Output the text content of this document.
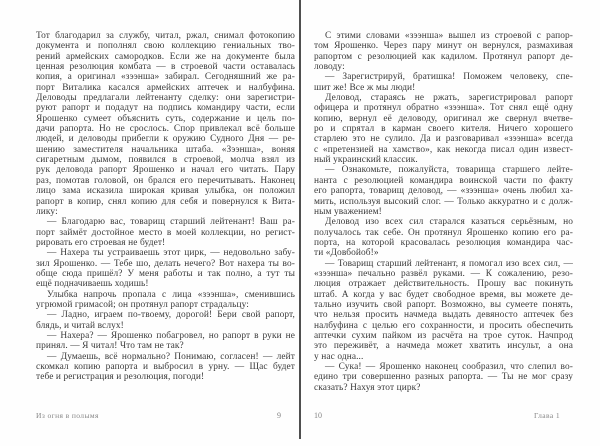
Тот благодарил за службу, читал, ржал, снимал фотокопию
документа и пополнял свою коллекцию гениальных тво-
рений армейских самородков. Если же на документе была
ценная резолюция комбата — в строевой части оставалась
копия, а оригинал «зээнша» забирал. Сегодняшний же ра-
порт Виталика касался армейских аптечек и налбуфина.
Деловоды предлагали лейтенанту сделку: они зарегистри-
руют рапорт и подадут на подпись командиру части, если
Ярошенко сумеет объяснить суть, содержание и цель по-
дачи рапорта. Но не срослось. Спор привлекал всё больше
людей, и деловоды прибегли к оружию Судного Дня — ре-
шению заместителя начальника штаба. «Зээнша», воняя
сигаретным дымом, появился в строевой, молча взял из
рук деловода рапорт Ярошенко и начал его читать. Пару
раз, помотав головой, он брался его перечитывать. Наконец
лицо зама исказила широкая кривая улыбка, он положил
рапорт в копир, снял копию для себя и повернулся к Вита-
лику:
— Благодарю вас, товарищ старший лейтенант! Ваш ра-
порт займёт достойное место в моей коллекции, но регист-
рировать его строевая не будет!
— Нахера ты устраиваешь этот цирк, — недовольно забу-
зил Ярошенко. — Тебе шо, делать нечего? Вот нахера ты во-
обще сюда пришёл? У меня работы и так полно, а тут ты
ещё подначиваешь ходишь!
Улыбка напрочь пропала с лица «зээнша», сменившись
угрюмой гримасой; он протянул рапорт страдальцу:
— Ладно, играем по-твоему, дорогой! Бери свой рапорт,
блядь, и читай вслух!
— Нахера? — Ярошенко побагровел, но рапорт в руки не
принял. — Я читал! Что там не так?
— Думаешь, всё нормально? Понимаю, согласен! — лейт
скомкал копию рапорта и выбросил в урну. — Щас будет
тебе и регистрация и резолюция, погоди!
С этими словами «зээнша» вышел из строевой с рапор-
том Ярошенко. Через пару минут он вернулся, размахивая
рапортом с резолюцией как кадилом. Протянул рапорт де-
ловоду:
— Зарегистрируй, братишка! Поможем человеку, спе-
шит же! Все ж мы люди!
Деловод, стараясь не ржать, зарегистрировал рапорт
офицера и протянул обратно «зээнша». Тот снял ещё одну
копию, вернул её деловоду, оригинал же свернул вчетве-
ро и спрятал в карман своего кителя. Ничего хорошего
старлею это не сулило. Да и разговаривал «зээнша» всегда
с «претензией на хамство», как некогда писал один извест-
ный украинский классик.
— Ознакомьте, пожалуйста, товарища старшего лейте-
нанта с резолюцией командира воинской части по факту
его рапорта, товарищ деловод, — «зээнша» очень любил ха-
мить, используя высокий слог. — Только аккуратно и с долж-
ным уважением!
Деловод изо всех сил старался казаться серьёзным, но
получалось так себе. Он протянул Ярошенко копию его ра-
порта, на которой красовалась резолюция командира час-
ти «Довбойоб!»
— Товарищ старший лейтенант, я помогал изо всех сил, —
«зээнша» печально развёл руками. — К сожалению, резо-
люция отражает действительность. Прошу вас покинуть
штаб. А когда у вас будет свободное время, вы можете де-
тально изучить свой рапорт. Возможно, вы сумеете понять,
что нельзя просить начмеда выдать девяносто аптечек без
налбуфина с целью его сохранности, и просить обеспечить
аптечки сухим пайком из расчёта на трое суток. Начпрод
это переживёт, а начмеда может хватить инсульт, а она
у нас одна...
— Сука! — Ярошенко наконец сообразил, что слепил во-
едино три совершенно разных рапорта. — Ты не мог сразу
сказать? Нахуя этот цирк?
Из огня в полымя	9	10	Глава 1
